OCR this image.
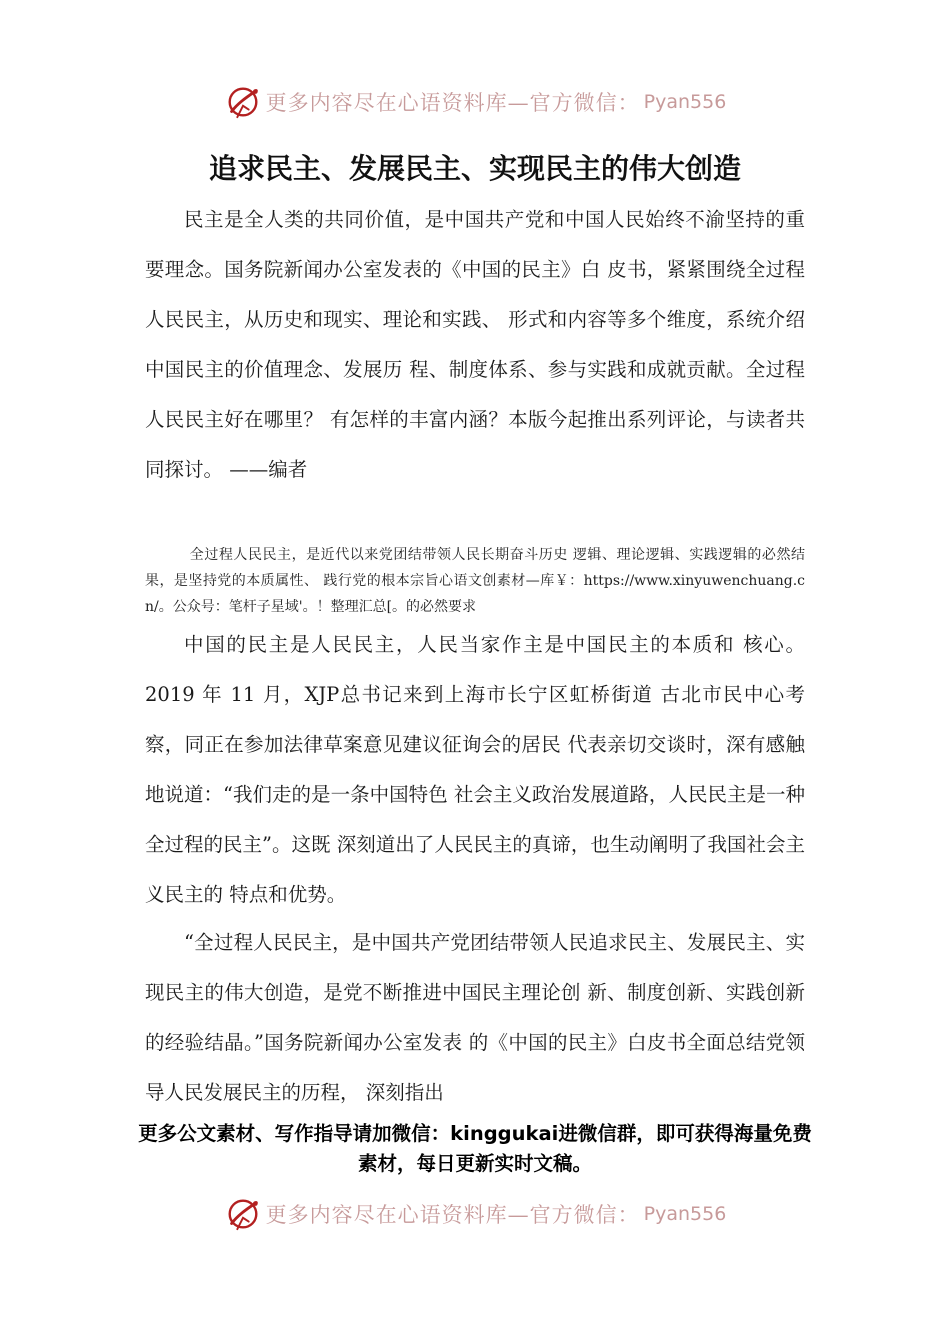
更多内容尽在心语资料库—官方微信： Pyan556
追求民主、发展民主、实现民主的伟大创造

民主是全人类的共同价值，是中国共产党和中国人民始终不渝坚持的重要理念。国务院新闻办公室发表的《中国的民主》白 皮书，紧紧围绕全过程人民民主，从历史和现实、理论和实践、 形式和内容等多个维度，系统介绍中国民主的价值理念、发展历 程、制度体系、参与实践和成就贡献。全过程人民民主好在哪里？ 有怎样的丰富内涵？本版今起推出系列评论，与读者共同探讨。 ——编者

全过程人民民主，是近代以来党团结带领人民长期奋斗历史 逻辑、理论逻辑、实践逻辑的必然结果，是坚持党的本质属性、 践行党的根本宗旨心语文创素材—库￥：https://www.xinyuwenchuang.cn/。公众号：笔杆子星域'。！整理汇总[。的必然要求

中国的民主是人民民主，人民当家作主是中国民主的本质和 核心。2019 年 11 月，XJP总书记来到上海市长宁区虹桥街道 古北市民中心考察，同正在参加法律草案意见建议征询会的居民 代表亲切交谈时，深有感触地说道：“我们走的是一条中国特色 社会主义政治发展道路，人民民主是一种全过程的民主”。这既 深刻道出了人民民主的真谛，也生动阐明了我国社会主义民主的 特点和优势。

“全过程人民民主，是中国共产党团结带领人民追求民主、发展民主、实现民主的伟大创造，是党不断推进中国民主理论创 新、制度创新、实践创新的经验结晶。”国务院新闻办公室发表 的《中国的民主》白皮书全面总结党领导人民发展民主的历程， 深刻指出

更多公文素材、写作指导请加微信：kinggukai进微信群，即可获得海量免费素材，每日更新实时文稿。

更多内容尽在心语资料库—官方微信： Pyan556
